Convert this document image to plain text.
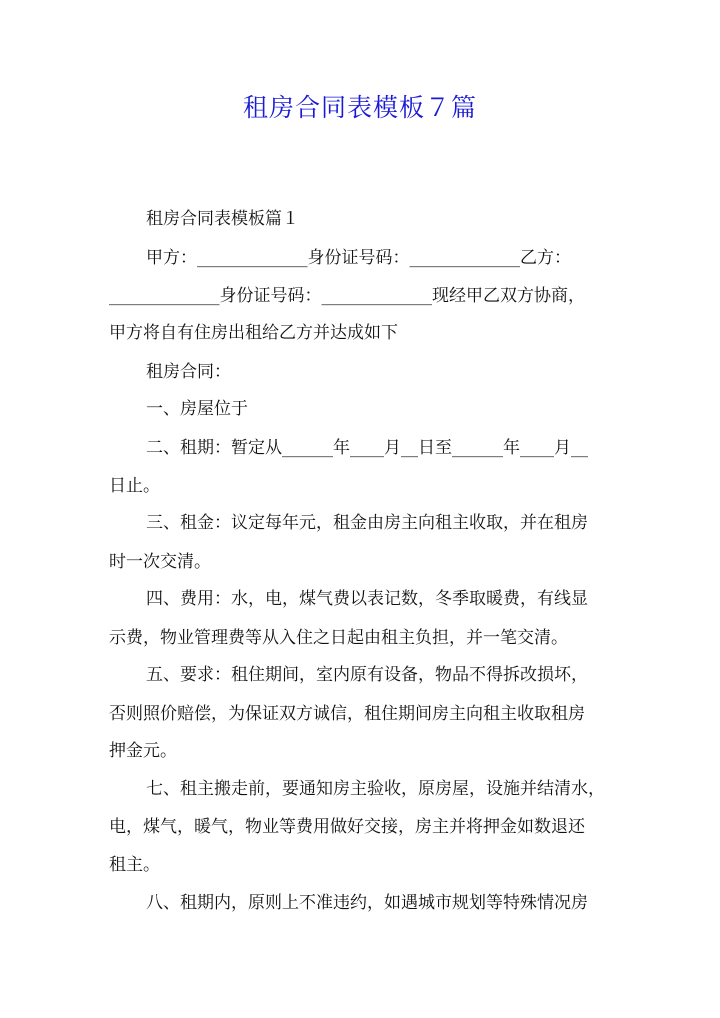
租房合同表模板７篇
租房合同表模板篇１
甲方：_____________身份证号码：_____________乙方：
_____________身份证号码：_____________现经甲乙双方协商，
甲方将自有住房出租给乙方并达成如下
租房合同：
一、房屋位于
二、租期：暂定从______年____月__日至______年____月__
日止。
三、租金：议定每年元，租金由房主向租主收取，并在租房
时一次交清。
四、费用：水，电，煤气费以表记数，冬季取暖费，有线显
示费，物业管理费等从入住之日起由租主负担，并一笔交清。
五、要求：租住期间，室内原有设备，物品不得拆改损坏，
否则照价赔偿，为保证双方诚信，租住期间房主向租主收取租房
押金元。
七、租主搬走前，要通知房主验收，原房屋，设施并结清水，
电，煤气，暖气，物业等费用做好交接，房主并将押金如数退还
租主。
八、租期内，原则上不准违约，如遇城市规划等特殊情况房
